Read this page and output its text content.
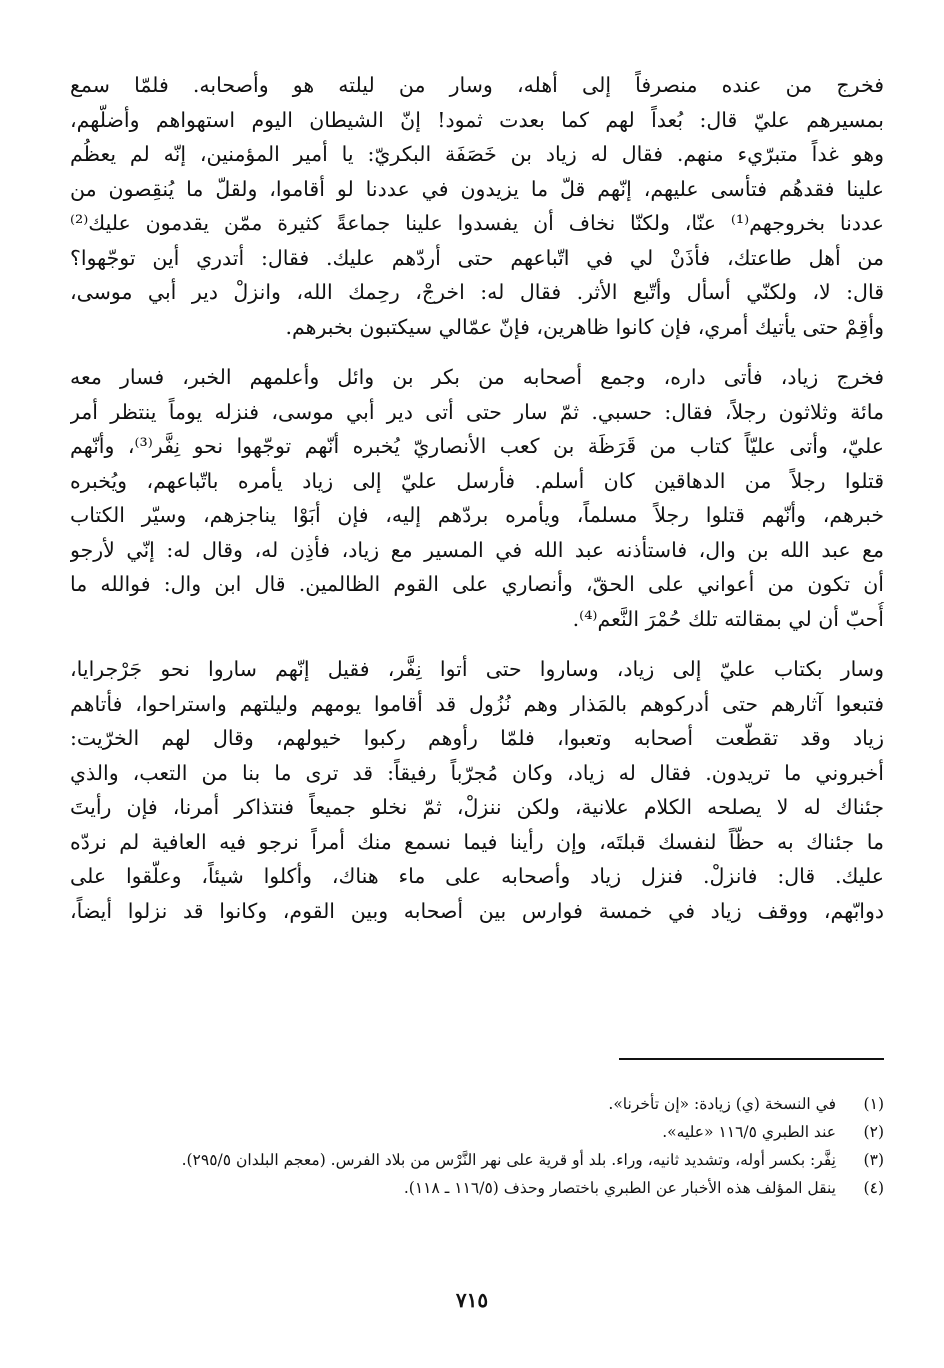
فخرج من عنده منصرفاً إلى أهله، وسار من ليلته هو وأصحابه. فلمّا سمع
بمسيرهم عليّ قال: بُعداً لهم كما بعدت ثمود! إنّ الشيطان اليوم استهواهم وأضلّهم،
وهو غداً متبرّيء منهم. فقال له زياد بن خَصَفَة البكريّ: يا أمير المؤمنين، إنّه لم يعظُم
علينا فقدهُم فتأسى عليهم، إنّهم قلّ ما يزيدون في عددنا لو أقاموا، ولقلّ ما يُنقِصون من
عددنا بخروجهم⁽¹⁾ عنّا، ولكنّا نخاف أن يفسدوا علينا جماعةً كثيرة ممّن يقدمون عليك⁽²⁾
من أهل طاعتك، فأذَنْ لي في اتّباعهم حتى أردّهم عليك. فقال: أتدري أين توجّهوا؟
قال: لا، ولكنّي أسأل وأتّبع الأثر. فقال له: اخرجْ، رحِمك الله، وانزلْ دير أبي موسى،
وأقِمْ حتى يأتيك أمري، فإن كانوا ظاهرين، فإنّ عمّالي سيكتبون بخبرهم.

فخرج زياد، فأتى داره، وجمع أصحابه من بكر بن وائل وأعلمهم الخبر، فسار معه
مائة وثلاثون رجلاً، فقال: حسبي. ثمّ سار حتى أتى دير أبي موسى، فنزله يوماً ينتظر أمر
عليّ، وأتى عليّاً كتاب من قَرَظَة بن كعب الأنصاريّ يُخبره أنّهم توجّهوا نحو نِفَّر⁽³⁾، وأنّهم
قتلوا رجلاً من الدهاقين كان أسلم. فأرسل عليّ إلى زياد يأمره باتّباعهم، ويُخبره
خبرهم، وأنّهم قتلوا رجلاً مسلماً، ويأمره بردّهم إليه، فإن أبَوْا يناجزهم، وسيّر الكتاب
مع عبد الله بن وال، فاستأذنه عبد الله في المسير مع زياد، فأذِن له، وقال له: إنّي لأرجو
أن تكون من أعواني على الحقّ، وأنصاري على القوم الظالمين. قال ابن وال: فوالله ما
أُحبّ أن لي بمقالته تلك حُمْرَ النَّعم⁽⁴⁾.

وسار بكتاب عليّ إلى زياد، وساروا حتى أتوا نِفَّر، فقيل إنّهم ساروا نحو جَرْجرايا،
فتبعوا آثارهم حتى أدركوهم بالمَذار وهم نُزُول قد أقاموا يومهم وليلتهم واستراحوا، فأتاهم
زياد وقد تقطّعت أصحابه وتعبوا، فلمّا رأوهم ركبوا خيولهم، وقال لهم الخرّيت:
أخبروني ما تريدون. فقال له زياد، وكان مُجرّباً رفيقاً: قد ترى ما بنا من التعب، والذي
جئناك له لا يصلحه الكلام علانية، ولكن ننزلْ، ثمّ نخلو جميعاً فنتذاكر أمرنا، فإن رأيتَ
ما جئناك به حظّاً لنفسك قبلتَه، وإن رأينا فيما نسمع منك أمراً نرجو فيه العافية لم نردّه
عليك. قال: فانزلْ. فنزل زياد وأصحابه على ماء هناك، وأكلوا شيئاً، وعلّقوا على
دوابّهم، ووقف زياد في خمسة فوارس بين أصحابه وبين القوم، وكانوا قد نزلوا أيضاً،

(١)
في النسخة (ي) زيادة: «إن تأخرنا».
(٢)
عند الطبري ١١٦/٥ «عليه».
(٣)
نِفَّر: بكسر أوله، وتشديد ثانيه، وراء. بلد أو قرية على نهر النَّرْس من بلاد الفرس. (معجم البلدان ٢٩٥/٥).
(٤)
ينقل المؤلف هذه الأخبار عن الطبري باختصار وحذف (١١٦/٥ ـ ١١٨).
٧١٥
